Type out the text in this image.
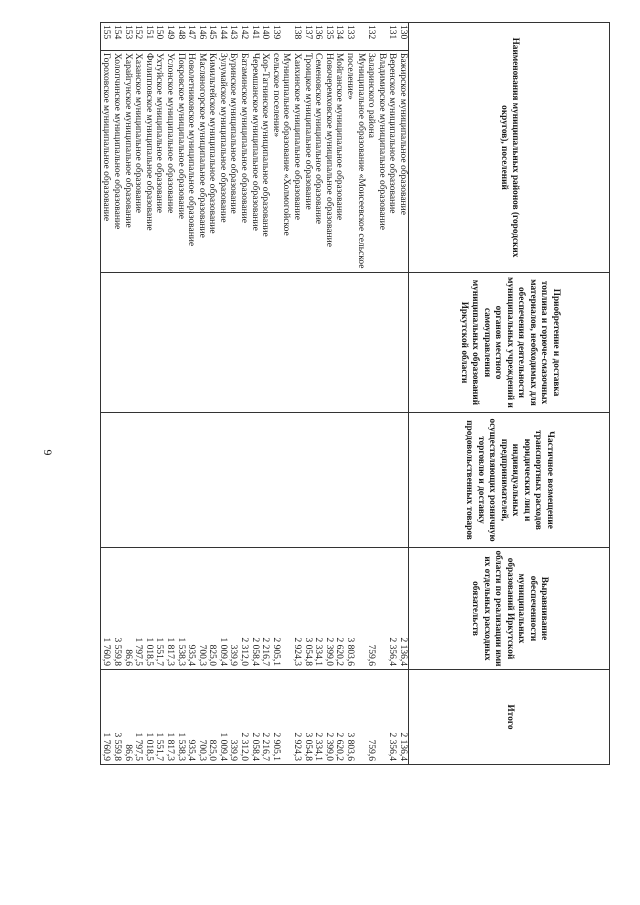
6
Наименования муниципальных районов (городских округов), поселений		Приобретение и доставка топлива и горюче-смазочных материалов, необходимых для обеспечения деятельности муниципальных учреждений и органов местного самоуправления муниципальных образований Иркутской области	Частичное возмещение транспортных расходов юридических лиц и индивидуальных предпринимателей, осуществляющих розничную торговлю и доставку продовольственных товаров	Выравнивание обеспеченности муниципальных образований Иркутской области по реализации ими их отдельных расходных обязательств	Итого
130	Бажирское муниципальное образование			2 136,4	2 136,4
131	Веренское муниципальное образование			2 356,4	2 356,4
132	Владимирское муниципальное образование Заларинского района			759,6	759,6
133	Муниципальное образование «Моисеевское сельское поселение»			3 803,6	3 803,6
134	Мойганское муниципальное образование			2 620,2	2 620,2
135	Новочеремховское муниципальное образование			2 399,0	2 399,0
136	Семеновское муниципальное образование			2 334,1	2 334,1
137	Троицкое муниципальное образование			3 054,8	3 054,8
138	Хаихинское муниципальное образование			2 924,3	2 924,3
139	Муниципальное образование «Холмогойское сельское поселение»			2 905,1	2 905,1
140	Хор-Тагнинское муниципальное образование			2 216,7	2 216,7
141	Черемшанское муниципальное образование			2 058,4	2 058,4
142	Батаминское муниципальное образование			2 312,0	2 312,0
143	Буринское муниципальное образование			339,9	339,9
144	Зулумайское муниципальное образование			1 009,4	1 009,4
145	Кимильтейское муниципальное образование			825,0	825,0
146	Масляногорское муниципальное образование			700,3	700,3
147	Новолетниковское муниципальное образование			935,4	935,4
148	Покровское муниципальное образование			1 538,3	1 538,3
149	Услонское муниципальное образование			1 817,3	1 817,3
150	Ухтуйское муниципальное образование			1 551,7	1 551,7
151	Филипповское муниципальное образование			1 018,5	1 018,5
152	Хазанское муниципальное образование			1 797,5	1 797,5
153	Харайгунское муниципальное образование			86,6	86,6
154	Холопчинское муниципальное образование			3 559,8	3 559,8
155	Гороховское муниципальное образование			1 760,9	1 760,9
